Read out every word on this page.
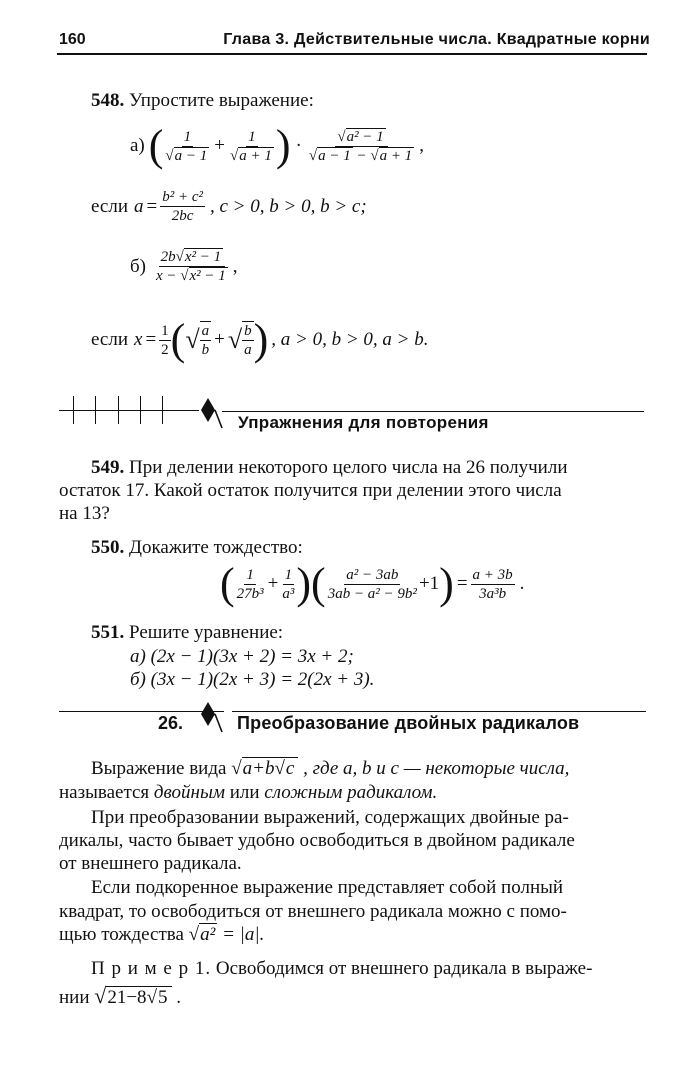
160	Глава 3. Действительные числа. Квадратные корни
548. Упростите выражение:
а) ( $\frac{1}{√a - 1} + \frac{1}{√a + 1}$ ) · $\frac{\text{√a² − 1}}{√a - 1 - √a + 1}$ ,
если $a = \frac{\text{b² + c²}}{2bc}$ , c > 0, b > 0, b > c;
$б) \frac{\text{2b√x² − 1}}{\text{x − √x² − 1}}$ ,
если $x = \frac{1}{2}$ ( √ $\frac{a}{b}$ + √ $\frac{b}{a}$ ) , a > 0, b > 0, a > b.
Упражнения для повторения
549. При делении некоторого целого числа на 26 получили
остаток 17. Какой остаток получится при делении этого числа
на 13?
550. Докажите тождество:
( $\frac{1}{\text{27b³}} + \frac{1}{\text{a³}}$ )( $\frac{\text{a² − 3ab}}{\text{3ab − a² − 9b²}} +1$ ) = $\frac{a + 3b}{\text{3a³b}}$ .
551. Решите уравнение:
а) (2x − 1)(3x + 2) = 3x + 2;
б) (3x − 1)(2x + 3) = 2(2x + 3).
26.	Преобразование двойных радикалов
Выражение вида √a+b√c , где a, b и c — некоторые числа,
называется двойным или сложным радикалом.
При преобразовании выражений, содержащих двойные ра-
дикалы, часто бывает удобно освободиться в двойном радикале
от внешнего радикала.
Если подкоренное выражение представляет собой полный
квадрат, то освободиться от внешнего радикала можно с помо-
щью тождества √a² = |a|.
П р и м е р 1. Освободимся от внешнего радикала в выраже-
нии √21−8√5 .
